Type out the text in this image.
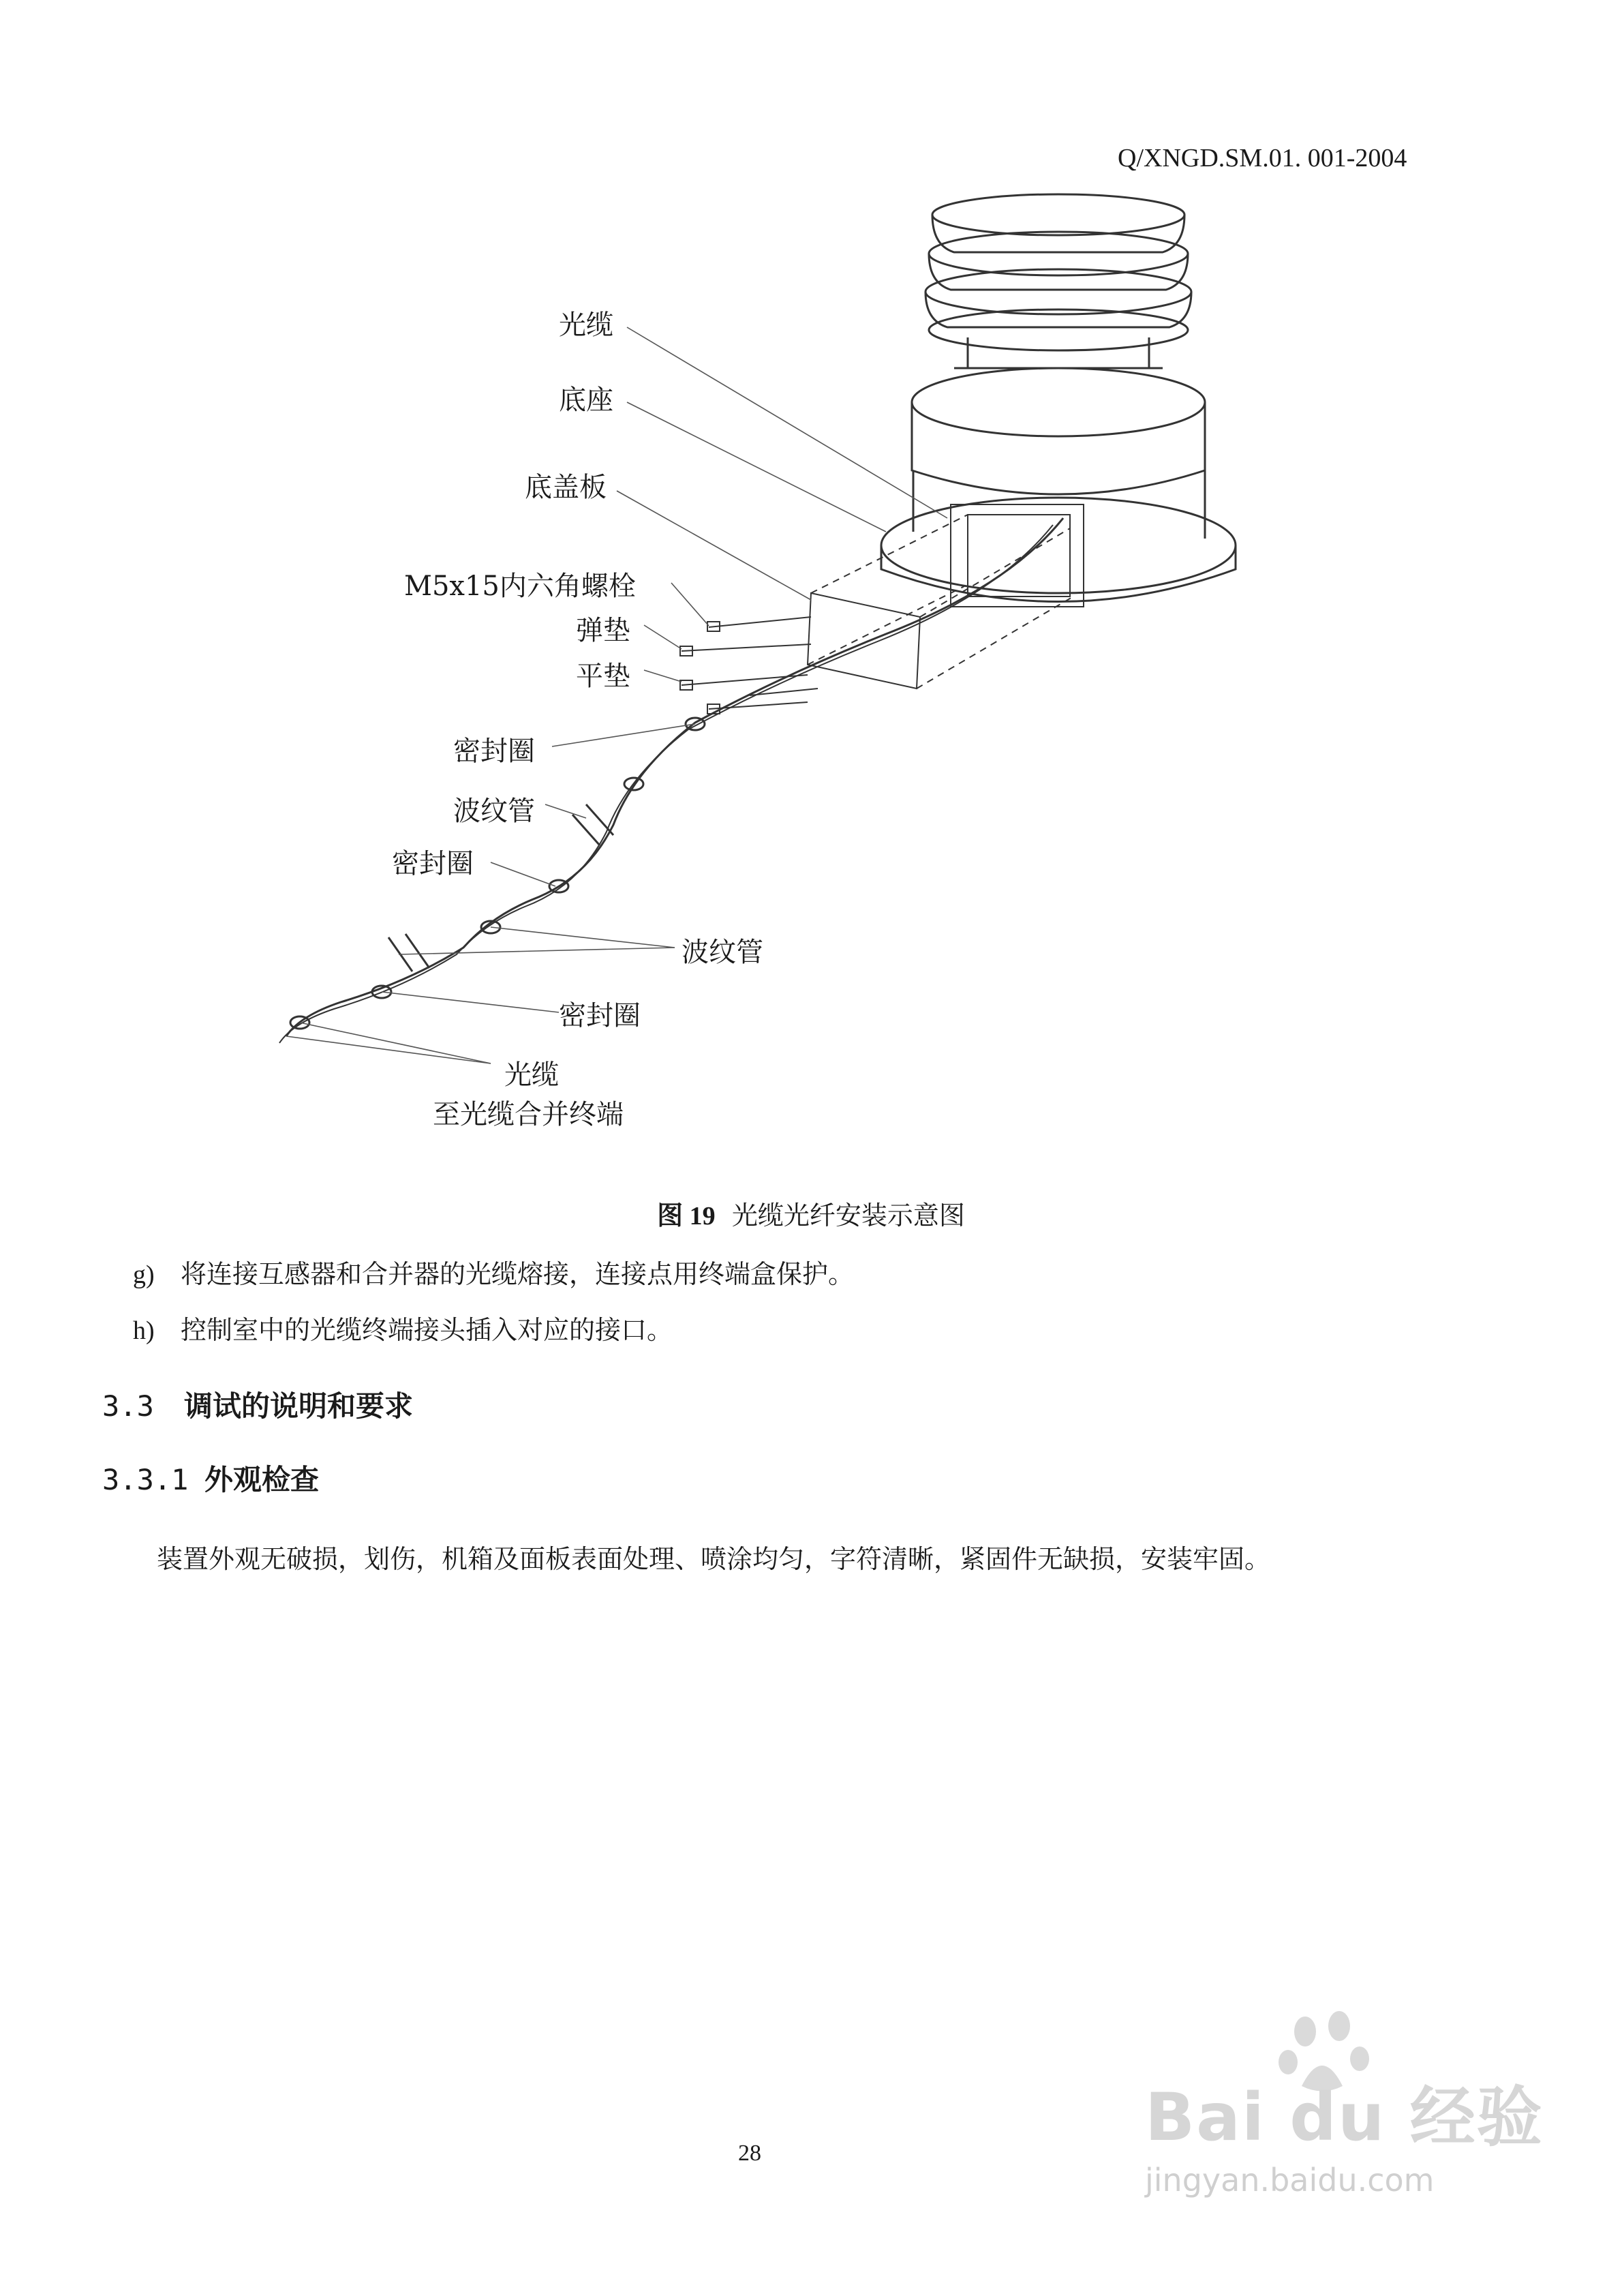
Q/XNGD.SM.01. 001-2004
光缆
底座
底盖板
M5x15内六角螺栓
弹垫
平垫
密封圈
波纹管
密封圈
波纹管
密封圈
光缆
至光缆合并终端
图 19 光缆光纤安装示意图
g) 将连接互感器和合并器的光缆熔接，连接点用终端盒保护。
h) 控制室中的光缆终端接头插入对应的接口。
3.3 调试的说明和要求
3.3.1 外观检查
装置外观无破损，划伤，机箱及面板表面处理、喷涂均匀，字符清晰，紧固件无缺损，安装牢固。
28	Bai du 经验
jingyan.baidu.com
